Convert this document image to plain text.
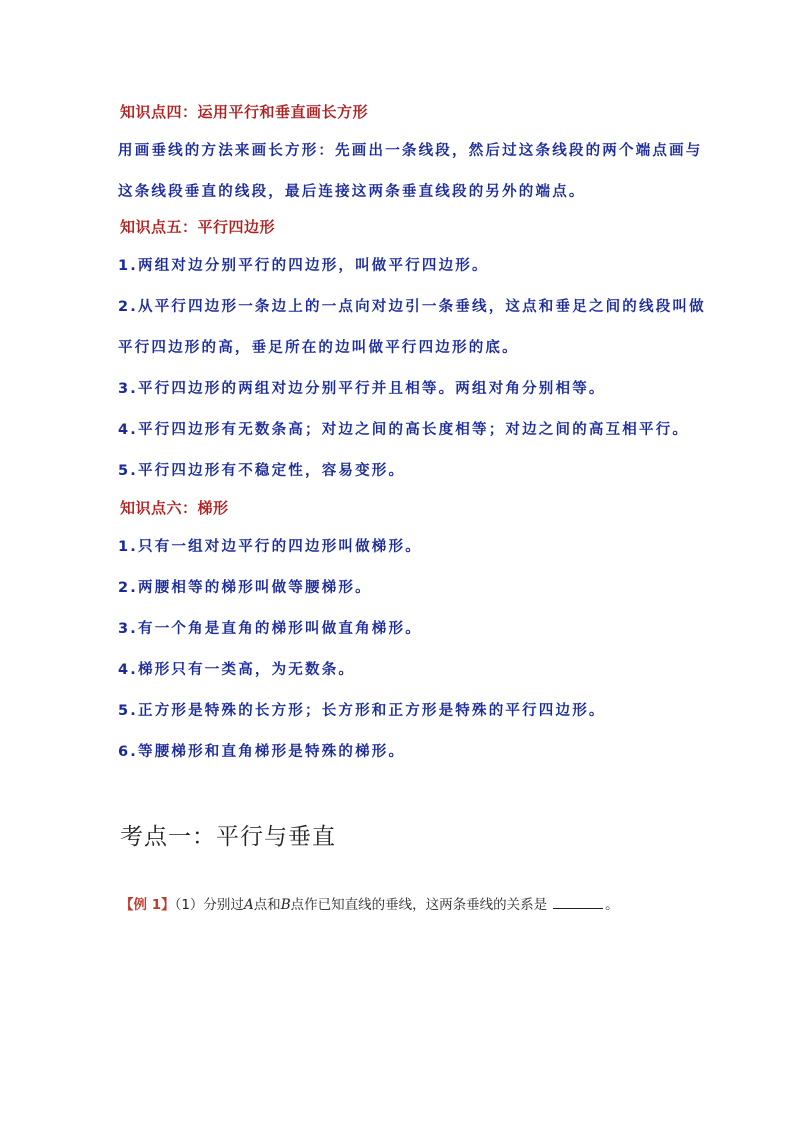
知识点四：运用平行和垂直画长方形
用画垂线的方法来画长方形：先画出一条线段，然后过这条线段的两个端点画与
这条线段垂直的线段，最后连接这两条垂直线段的另外的端点。
知识点五：平行四边形
1.两组对边分别平行的四边形，叫做平行四边形。
2.从平行四边形一条边上的一点向对边引一条垂线，这点和垂足之间的线段叫做
平行四边形的高，垂足所在的边叫做平行四边形的底。
3.平行四边形的两组对边分别平行并且相等。两组对角分别相等。
4.平行四边形有无数条高；对边之间的高长度相等；对边之间的高互相平行。
5.平行四边形有不稳定性，容易变形。
知识点六：梯形
1.只有一组对边平行的四边形叫做梯形。
2.两腰相等的梯形叫做等腰梯形。
3.有一个角是直角的梯形叫做直角梯形。
4.梯形只有一类高，为无数条。
5.正方形是特殊的长方形；长方形和正方形是特殊的平行四边形。
6.等腰梯形和直角梯形是特殊的梯形。
考点一：平行与垂直
【例 1】（1）分别过A点和B点作已知直线的垂线，这两条垂线的关系是	。
